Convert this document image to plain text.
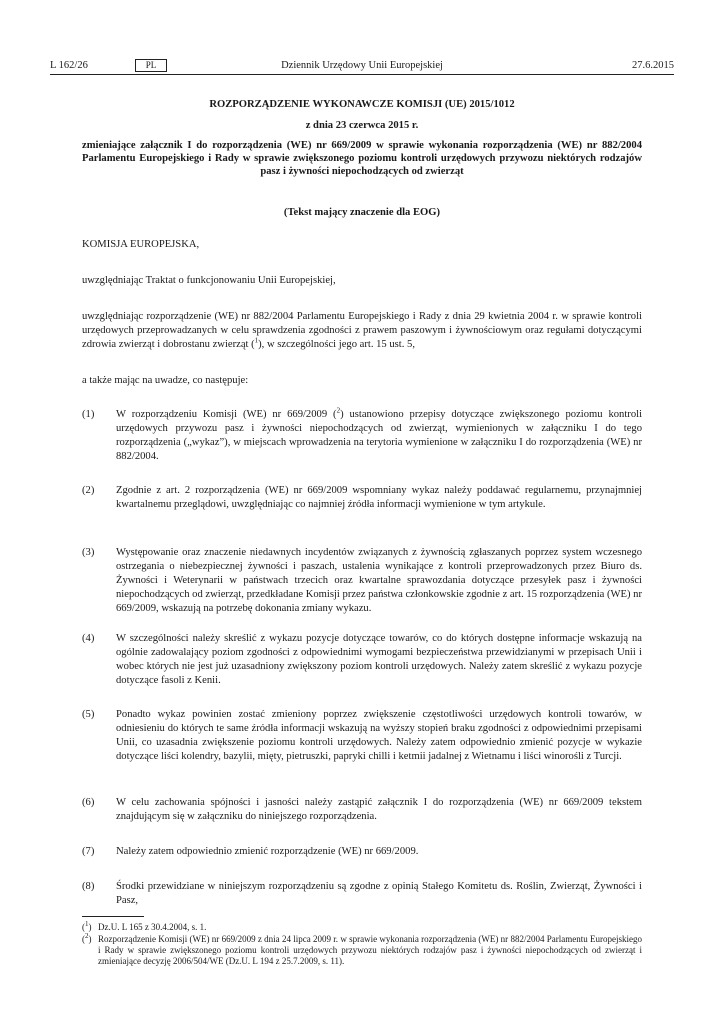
L 162/26	PL	Dziennik Urzędowy Unii Europejskiej	27.6.2015
ROZPORZĄDZENIE WYKONAWCZE KOMISJI (UE) 2015/1012
z dnia 23 czerwca 2015 r.
zmieniające załącznik I do rozporządzenia (WE) nr 669/2009 w sprawie wykonania rozporządzenia (WE) nr 882/2004 Parlamentu Europejskiego i Rady w sprawie zwiększonego poziomu kontroli urzędowych przywozu niektórych rodzajów pasz i żywności niepochodzących od zwierząt
(Tekst mający znaczenie dla EOG)
KOMISJA EUROPEJSKA,
uwzględniając Traktat o funkcjonowaniu Unii Europejskiej,
uwzględniając rozporządzenie (WE) nr 882/2004 Parlamentu Europejskiego i Rady z dnia 29 kwietnia 2004 r. w sprawie kontroli urzędowych przeprowadzanych w celu sprawdzenia zgodności z prawem paszowym i żywnościowym oraz regułami dotyczącymi zdrowia zwierząt i dobrostanu zwierząt ($^1$), w szczególności jego art. 15 ust. 5,
a także mając na uwadze, co następuje:
(1)	W rozporządzeniu Komisji (WE) nr 669/2009 ($^2$) ustanowiono przepisy dotyczące zwiększonego poziomu kontroli urzędowych przywozu pasz i żywności niepochodzących od zwierząt, wymienionych w załączniku I do tego rozporządzenia („wykaz”), w miejscach wprowadzenia na terytoria wymienione w załączniku I do rozporządzenia (WE) nr 882/2004.
(2)	Zgodnie z art. 2 rozporządzenia (WE) nr 669/2009 wspomniany wykaz należy poddawać regularnemu, przynajmniej kwartalnemu przeglądowi, uwzględniając co najmniej źródła informacji wymienione w tym artykule.
(3)	Występowanie oraz znaczenie niedawnych incydentów związanych z żywnością zgłaszanych poprzez system wczesnego ostrzegania o niebezpiecznej żywności i paszach, ustalenia wynikające z kontroli przeprowadzonych przez Biuro ds. Żywności i Weterynarii w państwach trzecich oraz kwartalne sprawozdania dotyczące przesyłek pasz i żywności niepochodzących od zwierząt, przedkładane Komisji przez państwa członkowskie zgodnie z art. 15 rozporządzenia (WE) nr 669/2009, wskazują na potrzebę dokonania zmiany wykazu.
(4)	W szczególności należy skreślić z wykazu pozycje dotyczące towarów, co do których dostępne informacje wskazują na ogólnie zadowalający poziom zgodności z odpowiednimi wymogami bezpieczeństwa przewidzianymi w przepisach Unii i wobec których nie jest już uzasadniony zwiększony poziom kontroli urzędowych. Należy zatem skreślić z wykazu pozycje dotyczące fasoli z Kenii.
(5)	Ponadto wykaz powinien zostać zmieniony poprzez zwiększenie częstotliwości urzędowych kontroli towarów, w odniesieniu do których te same źródła informacji wskazują na wyższy stopień braku zgodności z odpowiednimi przepisami Unii, co uzasadnia zwiększenie poziomu kontroli urzędowych. Należy zatem odpowiednio zmienić pozycje w wykazie dotyczące liści kolendry, bazylii, mięty, pietruszki, papryki chilli i ketmii jadalnej z Wietnamu i liści winorośli z Turcji.
(6)	W celu zachowania spójności i jasności należy zastąpić załącznik I do rozporządzenia (WE) nr 669/2009 tekstem znajdującym się w załączniku do niniejszego rozporządzenia.
(7)	Należy zatem odpowiednio zmienić rozporządzenie (WE) nr 669/2009.
(8)	Środki przewidziane w niniejszym rozporządzeniu są zgodne z opinią Stałego Komitetu ds. Roślin, Zwierząt, Żywności i Pasz,
($^1$) Dz.U. L 165 z 30.4.2004, s. 1.
($^2$) Rozporządzenie Komisji (WE) nr 669/2009 z dnia 24 lipca 2009 r. w sprawie wykonania rozporządzenia (WE) nr 882/2004 Parlamentu Europejskiego i Rady w sprawie zwiększonego poziomu kontroli urzędowych przywozu niektórych rodzajów pasz i żywności niepochodzących od zwierząt i zmieniające decyzję 2006/504/WE (Dz.U. L 194 z 25.7.2009, s. 11).
